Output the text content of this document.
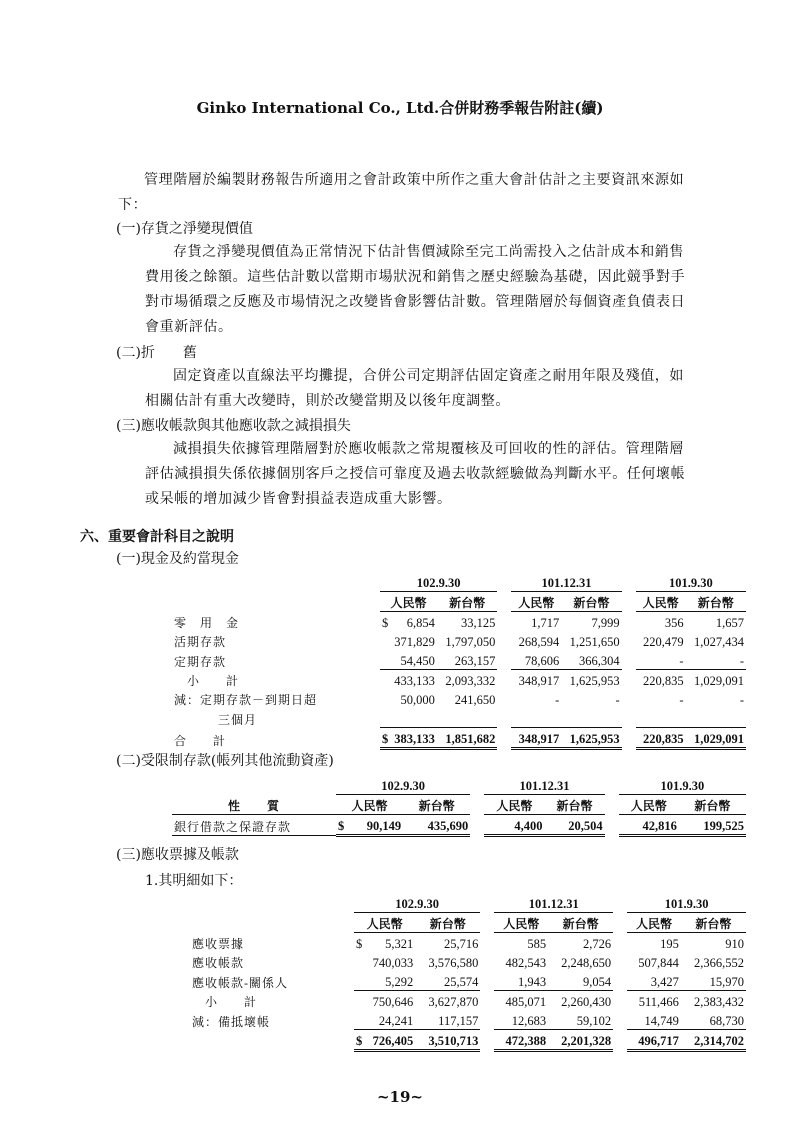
Ginko International Co., Ltd.合併財務季報告附註(續)
管理階層於編製財務報告所適用之會計政策中所作之重大會計估計之主要資訊來源如
下：
(一)存貨之淨變現價值
存貨之淨變現價值為正常情況下估計售價減除至完工尚需投入之估計成本和銷售
費用後之餘額。這些估計數以當期市場狀況和銷售之歷史經驗為基礎，因此競爭對手
對市場循環之反應及市場情況之改變皆會影響估計數。管理階層於每個資產負債表日
會重新評估。
(二)折　　舊
固定資產以直線法平均攤提，合併公司定期評估固定資產之耐用年限及殘值，如
相關估計有重大改變時，則於改變當期及以後年度調整。
(三)應收帳款與其他應收款之減損損失
減損損失依據管理階層對於應收帳款之常規覆核及可回收的性的評估。管理階層
評估減損損失係依據個別客戶之授信可靠度及過去收款經驗做為判斷水平。任何壞帳
或呆帳的增加減少皆會對損益表造成重大影響。
六、重要會計科目之說明
(一)現金及約當現金
	102.9.30			101.12.31			101.9.30	
	人民幣	新台幣		人民幣	新台幣		人民幣	新台幣
零　用　金	$ 6,854	33,125		1,717	7,999		356	1,657
活期存款	371,829	1,797,050		268,594	1,251,650		220,479	1,027,434
定期存款	54,450	263,157		78,606	366,304		-	-
　小　　計	433,133	2,093,332		348,917	1,625,953		220,835	1,029,091
減：定期存款－到期日超	50,000	241,650		-	-		-	-
三個月								
合　　計	$ 383,133	1,851,682		348,917	1,625,953		220,835	1,029,091
(二)受限制存款(帳列其他流動資產)
	102.9.30			101.12.31			101.9.30	
性　　質	人民幣	新台幣		人民幣	新台幣		人民幣	新台幣
銀行借款之保證存款	$ 90,149	435,690		4,400	20,504		42,816	199,525
(三)應收票據及帳款
1.其明細如下：
	102.9.30			101.12.31			101.9.30	
	人民幣	新台幣		人民幣	新台幣		人民幣	新台幣
應收票據	$ 5,321	25,716		585	2,726		195	910
應收帳款	740,033	3,576,580		482,543	2,248,650		507,844	2,366,552
應收帳款-關係人	5,292	25,574		1,943	9,054		3,427	15,970
　小　　計	750,646	3,627,870		485,071	2,260,430		511,466	2,383,432
減：備抵壞帳	24,241	117,157		12,683	59,102		14,749	68,730

	$ 726,405	3,510,713		472,388	2,201,328		496,717	2,314,702
~19~
